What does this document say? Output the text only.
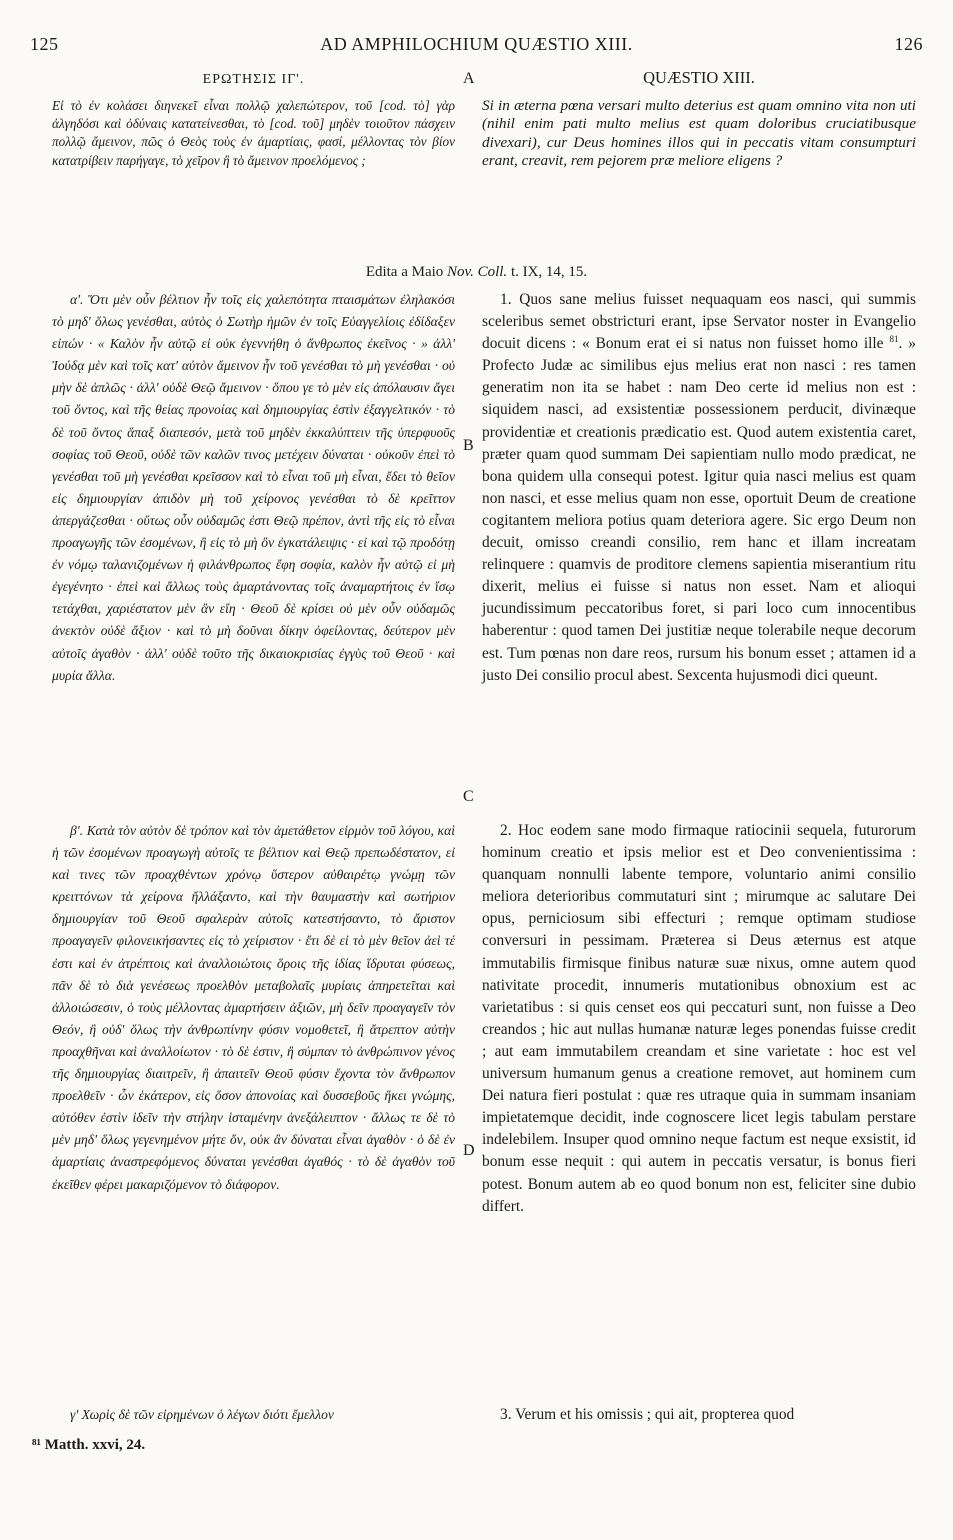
125	AD AMPHILOCHIUM QUÆSTIO XIII.	126
ΕΡΩΤΗΣΙΣ ΙΓ'.	QUÆSTIO XIII.
A
B
C
D
Εἰ τὸ ἐν κολάσει διηνεκεῖ εἶναι πολλῷ χαλεπώτερον, τοῦ [cod. τὸ] γὰρ ἀλγηδόσι καὶ ὀδύναις κατατείνεσθαι, τὸ [cod. τοῦ] μηδὲν τοιοῦτον πάσχειν πολλῷ ἄμεινον, πῶς ὁ Θεὸς τοὺς ἐν ἁμαρτίαις, φασί, μέλλοντας τὸν βίον κατατρίβειν παρήγαγε, τὸ χεῖρον ἢ τὸ ἄμεινον προελόμενος ;
Si in æterna pœna versari multo deterius est quam omnino vita non uti (nihil enim pati multo melius est quam doloribus cruciatibusque divexari), cur Deus homines illos qui in peccatis vitam consumpturi erant, creavit, rem pejorem præ meliore eligens ?
Edita a Maio Nov. Coll. t. IX, 14, 15.

α'. Ὅτι μὲν οὖν βέλτιον ἦν τοῖς εἰς χαλεπότητα πταισμάτων ἐληλακόσι τὸ μηδ' ὅλως γενέσθαι, αὐτὸς ὁ Σωτὴρ ἡμῶν ἐν τοῖς Εὐαγγελίοις ἐδίδαξεν εἰπών · « Καλὸν ἦν αὐτῷ εἰ οὐκ ἐγεννήθη ὁ ἄνθρωπος ἐκεῖνος · » ἀλλ' Ἰούδᾳ μὲν καὶ τοῖς κατ' αὐτὸν ἄμεινον ἦν τοῦ γενέσθαι τὸ μὴ γενέσθαι · οὐ μὴν δὲ ἁπλῶς · ἀλλ' οὐδὲ Θεῷ ἄμεινον · ὅπου γε τὸ μὲν εἰς ἀπόλαυσιν ἄγει τοῦ ὄντος, καὶ τῆς θείας προνοίας καὶ δημιουργίας ἐστὶν ἐξαγγελτικόν · τὸ δὲ τοῦ ὄντος ἅπαξ διαπεσόν, μετὰ τοῦ μηδὲν ἐκκαλύπτειν τῆς ὑπερφυοῦς σοφίας τοῦ Θεοῦ, οὐδὲ τῶν καλῶν τινος μετέχειν δύναται · οὐκοῦν ἐπεὶ τὸ γενέσθαι τοῦ μὴ γενέσθαι κρεῖσσον καὶ τὸ εἶναι τοῦ μὴ εἶναι, ἔδει τὸ θεῖον εἰς δημιουργίαν ἀπιδὸν μὴ τοῦ χείρονος γενέσθαι τὸ δὲ κρεῖττον ἀπεργάζεσθαι · οὕτως οὖν οὐδαμῶς ἐστι Θεῷ πρέπον, ἀντὶ τῆς εἰς τὸ εἶναι προαγωγῆς τῶν ἐσομένων, ἢ εἰς τὸ μὴ ὂν ἐγκατάλειψις · εἰ καὶ τῷ προδότῃ ἐν νόμῳ ταλανιζομένων ἡ φιλάνθρωπος ἔφη σοφία, καλὸν ἦν αὐτῷ εἰ μὴ ἐγεγένητο · ἐπεὶ καὶ ἄλλως τοὺς ἁμαρτάνοντας τοῖς ἀναμαρτήτοις ἐν ἴσῳ τετάχθαι, χαριέστατον μὲν ἂν εἴη · Θεοῦ δὲ κρίσει οὐ μὲν οὖν οὐδαμῶς ἀνεκτὸν οὐδὲ ἄξιον · καὶ τὸ μὴ δοῦναι δίκην ὀφείλοντας, δεύτερον μὲν αὐτοῖς ἀγαθὸν · ἀλλ' οὐδὲ τοῦτο τῆς δικαιοκρισίας ἐγγὺς τοῦ Θεοῦ · καὶ μυρία ἄλλα.

β'. Κατὰ τὸν αὐτὸν δὲ τρόπον καὶ τὸν ἀμετάθετον εἱρμὸν τοῦ λόγου, καὶ ἡ τῶν ἐσομένων προαγωγὴ αὐτοῖς τε βέλτιον καὶ Θεῷ πρεπωδέστατον, εἰ καὶ τινες τῶν προαχθέντων χρόνῳ ὕστερον αὐθαιρέτῳ γνώμῃ τῶν κρειττόνων τὰ χείρονα ἤλλάξαντο, καὶ τὴν θαυμαστὴν καὶ σωτήριον δημιουργίαν τοῦ Θεοῦ σφαλερὰν αὐτοῖς κατεστήσαντο, τὸ ἄριστον προαγαγεῖν φιλονεικήσαντες εἰς τὸ χείριστον · ἔτι δὲ εἰ τὸ μὲν θεῖον ἀεὶ τέ ἐστι καὶ ἐν ἀτρέπτοις καὶ ἀναλλοιώτοις ὅροις τῆς ἰδίας ἵδρυται φύσεως, πᾶν δὲ τὸ διὰ γενέσεως προελθὸν μεταβολαῖς μυρίαις ἀπηρετεῖται καὶ ἀλλοιώσεσιν, ὁ τοὺς μέλλοντας ἁμαρτήσειν ἀξιῶν, μὴ δεῖν προαγαγεῖν τὸν Θεόν, ἢ οὐδ' ὅλως τὴν ἀνθρωπίνην φύσιν νομοθετεῖ, ἢ ἄτρεπτον αὐτὴν προαχθῆναι καὶ ἀναλλοίωτον · τὸ δὲ ἐστιν, ἢ σύμπαν τὸ ἀνθρώπινον γένος τῆς δημιουργίας διαιτρεῖν, ἢ ἀπαιτεῖν Θεοῦ φύσιν ἔχοντα τὸν ἄνθρωπον προελθεῖν · ὧν ἑκάτερον, εἰς ὅσον ἀπονοίας καὶ δυσσεβοῦς ἥκει γνώμης, αὐτόθεν ἐστὶν ἰδεῖν τὴν στήλην ἱσταμένην ἀνεξάλειπτον · ἄλλως τε δὲ τὸ μὲν μηδ' ὅλως γεγενημένον μήτε ὄν, οὐκ ἂν δύναται εἶναι ἀγαθὸν · ὁ δὲ ἐν ἁμαρτίαις ἀναστρεφόμενος δύναται γενέσθαι ἀγαθός · τὸ δὲ ἀγαθὸν τοῦ ἐκεῖθεν φέρει μακαριζόμενον τὸ διάφορον.

γ' Χωρὶς δὲ τῶν εἰρημένων ὁ λέγων διότι ἔμελλον

1. Quos sane melius fuisset nequaquam eos nasci, qui summis sceleribus semet obstricturi erant, ipse Servator noster in Evangelio docuit dicens : « Bonum erat ei si natus non fuisset homo ille $^{81}$. » Profecto Judæ ac similibus ejus melius erat non nasci : res tamen generatim non ita se habet : nam Deo certe id melius non est : siquidem nasci, ad exsistentiæ possessionem perducit, divinæque providentiæ et creationis prædicatio est. Quod autem existentia caret, præter quam quod summam Dei sapientiam nullo modo prædicat, ne bona quidem ulla consequi potest. Igitur quia nasci melius est quam non nasci, et esse melius quam non esse, oportuit Deum de creatione cogitantem meliora potius quam deteriora agere. Sic ergo Deum non decuit, omisso creandi consilio, rem hanc et illam increatam relinquere : quamvis de proditore clemens sapientia miserantium ritu dixerit, melius ei fuisse si natus non esset. Nam et alioqui jucundissimum peccatoribus foret, si pari loco cum innocentibus haberentur : quod tamen Dei justitiæ neque tolerabile neque decorum est. Tum pœnas non dare reos, rursum his bonum esset ; attamen id a justo Dei consilio procul abest. Sexcenta hujusmodi dici queunt.

2. Hoc eodem sane modo firmaque ratiocinii sequela, futurorum hominum creatio et ipsis melior est et Deo convenientissima : quanquam nonnulli labente tempore, voluntario animi consilio meliora deterioribus commutaturi sint ; mirumque ac salutare Dei opus, perniciosum sibi effecturi ; remque optimam studiose conversuri in pessimam. Præterea si Deus æternus est atque immutabilis firmisque finibus naturæ suæ nixus, omne autem quod nativitate procedit, innumeris mutationibus obnoxium est ac varietatibus : si quis censet eos qui peccaturi sunt, non fuisse a Deo creandos ; hic aut nullas humanæ naturæ leges ponendas fuisse credit ; aut eam immutabilem creandam et sine varietate : hoc est vel universum humanum genus a creatione removet, aut hominem cum Dei natura fieri postulat : quæ res utraque quia in summam insaniam impietatemque decidit, inde cognoscere licet legis tabulam perstare indelebilem. Insuper quod omnino neque factum est neque exsistit, id bonum esse nequit : qui autem in peccatis versatur, is bonus fieri potest. Bonum autem ab eo quod bonum non est, feliciter sine dubio differt.

3. Verum et his omissis ; qui ait, propterea quod

⁸¹ Matth. xxvi, 24.
